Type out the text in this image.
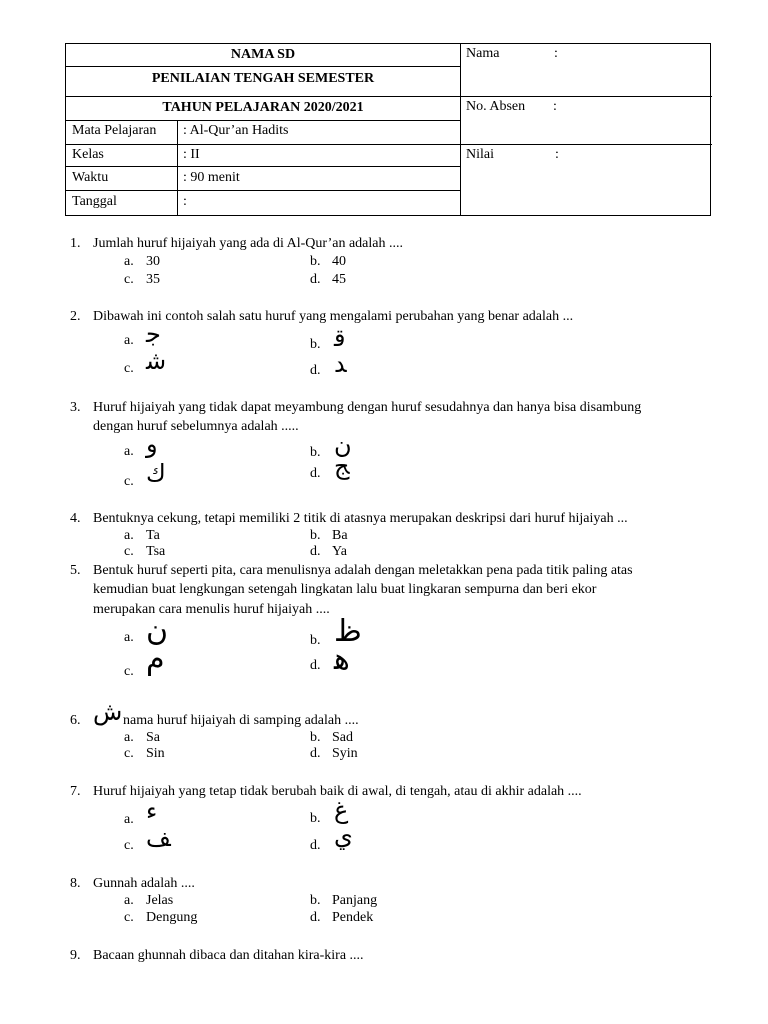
NAMA SD
PENILAIAN TENGAH SEMESTER
TAHUN PELAJARAN 2020/2021
Mata Pelajaran : Al-Qur’an Hadits
Kelas	: II
Waktu	: 90 menit
Tanggal	:
Nama	:
No. Absen :
Nilai	:
1. Jumlah huruf hijaiyah yang ada di Al-Qur’an adalah ....
a. 30	b. 40
c. 35	d. 45
2. Dibawah ini contoh salah satu huruf yang mengalami perubahan yang benar adalah ...
a. ﺟ	b. ﻗ
c. ﺷ	d. ﺪ
3. Huruf hijaiyah yang tidak dapat meyambung dengan huruf sesudahnya dan hanya bisa disambung
dengan huruf sebelumnya adalah .....
a. و	b. ن
c. ك	d. ﺞ
4. Bentuknya cekung, tetapi memiliki 2 titik di atasnya merupakan deskripsi dari huruf hijaiyah ...
a. Ta	b. Ba
c. Tsa	d. Ya
5. Bentuk huruf seperti pita, cara menulisnya adalah dengan meletakkan pena pada titik paling atas
kemudian buat lengkungan setengah lingkatan lalu buat lingkaran sempurna dan beri ekor
merupakan cara menulis huruf hijaiyah ....
a. ن	b. ظ
c. م	d. ﻫ
6. ش nama huruf hijaiyah di samping adalah ....
a. Sa	b. Sad
c. Sin	d. Syin
7. Huruf hijaiyah yang tetap tidak berubah baik di awal, di tengah, atau di akhir adalah ....
a. ء	b. غ
c. ﻒ	d. ي
8. Gunnah adalah ....
a. Jelas	b. Panjang
c. Dengung	d. Pendek
9. Bacaan ghunnah dibaca dan ditahan kira-kira ....
